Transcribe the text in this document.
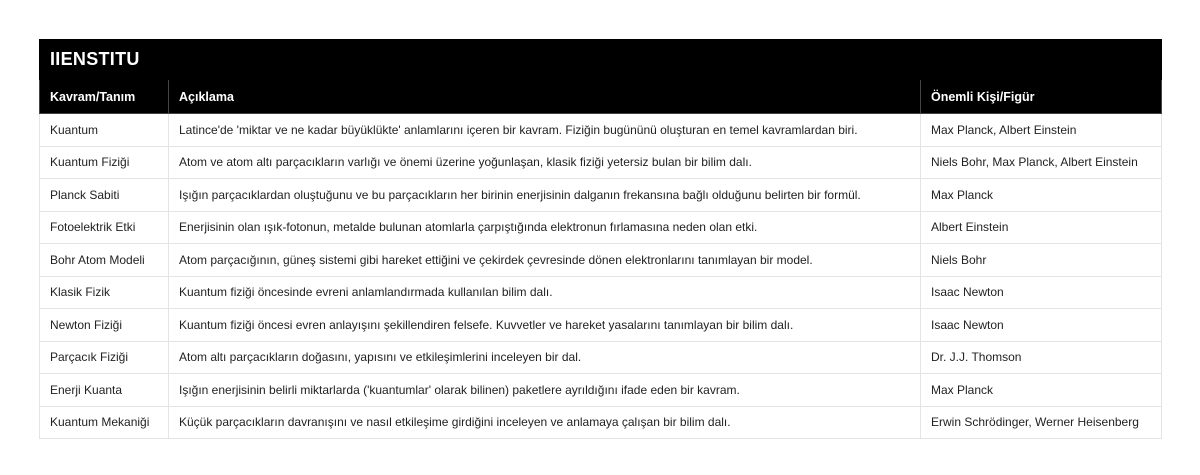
IIENSTITU		
Kavram/Tanım	Açıklama	Önemli Kişi/Figür
Kuantum	Latince'de 'miktar ve ne kadar büyüklükte' anlamlarını içeren bir kavram. Fiziğin bugününü oluşturan en temel kavramlardan biri.	Max Planck, Albert Einstein
Kuantum Fiziği	Atom ve atom altı parçacıkların varlığı ve önemi üzerine yoğunlaşan, klasik fiziği yetersiz bulan bir bilim dalı.	Niels Bohr, Max Planck, Albert Einstein
Planck Sabiti	Işığın parçacıklardan oluştuğunu ve bu parçacıkların her birinin enerjisinin dalganın frekansına bağlı olduğunu belirten bir formül.	Max Planck
Fotoelektrik Etki	Enerjisinin olan ışık-fotonun, metalde bulunan atomlarla çarpıştığında elektronun fırlamasına neden olan etki.	Albert Einstein
Bohr Atom Modeli	Atom parçacığının, güneş sistemi gibi hareket ettiğini ve çekirdek çevresinde dönen elektronlarını tanımlayan bir model.	Niels Bohr
Klasik Fizik	Kuantum fiziği öncesinde evreni anlamlandırmada kullanılan bilim dalı.	Isaac Newton
Newton Fiziği	Kuantum fiziği öncesi evren anlayışını şekillendiren felsefe. Kuvvetler ve hareket yasalarını tanımlayan bir bilim dalı.	Isaac Newton
Parçacık Fiziği	Atom altı parçacıkların doğasını, yapısını ve etkileşimlerini inceleyen bir dal.	Dr. J.J. Thomson
Enerji Kuanta	Işığın enerjisinin belirli miktarlarda ('kuantumlar' olarak bilinen) paketlere ayrıldığını ifade eden bir kavram.	Max Planck
Kuantum Mekaniği	Küçük parçacıkların davranışını ve nasıl etkileşime girdiğini inceleyen ve anlamaya çalışan bir bilim dalı.	Erwin Schrödinger, Werner Heisenberg
